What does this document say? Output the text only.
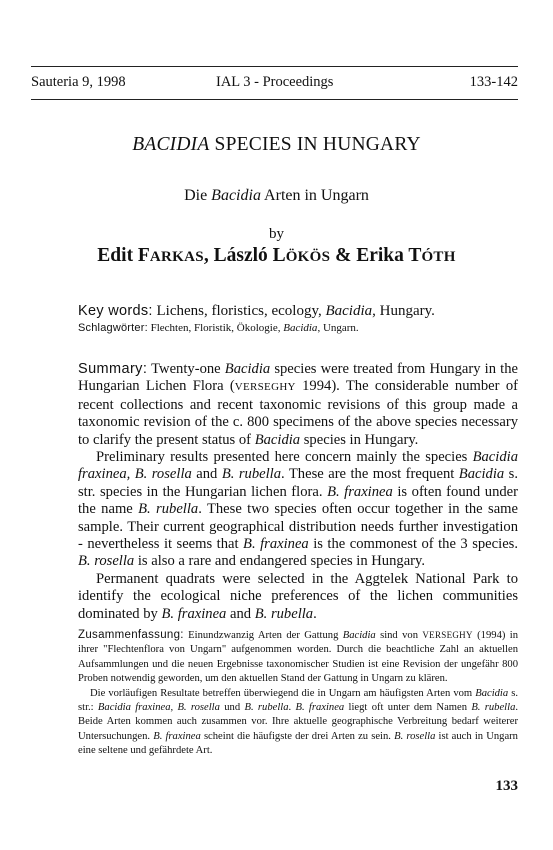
Sauteria 9, 1998	IAL 3 - Proceedings	133-142
BACIDIA SPECIES IN HUNGARY
Die Bacidia Arten in Ungarn
by
Edit FARKAS, László LÖKÖS & Erika TÓTH
Key words: Lichens, floristics, ecology, Bacidia, Hungary.
Schlagwörter: Flechten, Floristik, Ökologie, Bacidia, Ungarn.

Summary: Twenty-one Bacidia species were treated from Hungary in the Hungarian Lichen Flora (VERSEGHY 1994). The considerable number of recent collections and recent taxonomic revisions of this group made a taxonomic revision of the c. 800 specimens of the above species necessary to clarify the present status of Bacidia species in Hungary.

Preliminary results presented here concern mainly the species Bacidia fraxinea, B. rosella and B. rubella. These are the most frequent Bacidia s. str. species in the Hungarian lichen flora. B. fraxinea is often found under the name B. rubella. These two species often occur together in the same sample. Their current geographical distribution needs further investigation - nevertheless it seems that B. fraxinea is the commonest of the 3 species. B. rosella is also a rare and endangered species in Hungary.

Permanent quadrats were selected in the Aggtelek National Park to identify the ecological niche preferences of the lichen communities dominated by B. fraxinea and B. rubella.

Zusammenfassung: Einundzwanzig Arten der Gattung Bacidia sind von VERSEGHY (1994) in ihrer "Flechtenflora von Ungarn" aufgenommen worden. Durch die beachtliche Zahl an aktuellen Aufsammlungen und die neuen Ergebnisse taxonomischer Studien ist eine Revision der ungefähr 800 Proben notwendig geworden, um den aktuellen Stand der Gattung in Ungarn zu klären.

Die vorläufigen Resultate betreffen überwiegend die in Ungarn am häufigsten Arten vom Bacidia s. str.: Bacidia fraxinea, B. rosella und B. rubella. B. fraxinea liegt oft unter dem Namen B. rubella. Beide Arten kommen auch zusammen vor. Ihre aktuelle geographische Verbreitung bedarf weiterer Untersuchungen. B. fraxinea scheint die häufigste der drei Arten zu sein. B. rosella ist auch in Ungarn eine seltene und gefährdete Art.

133
